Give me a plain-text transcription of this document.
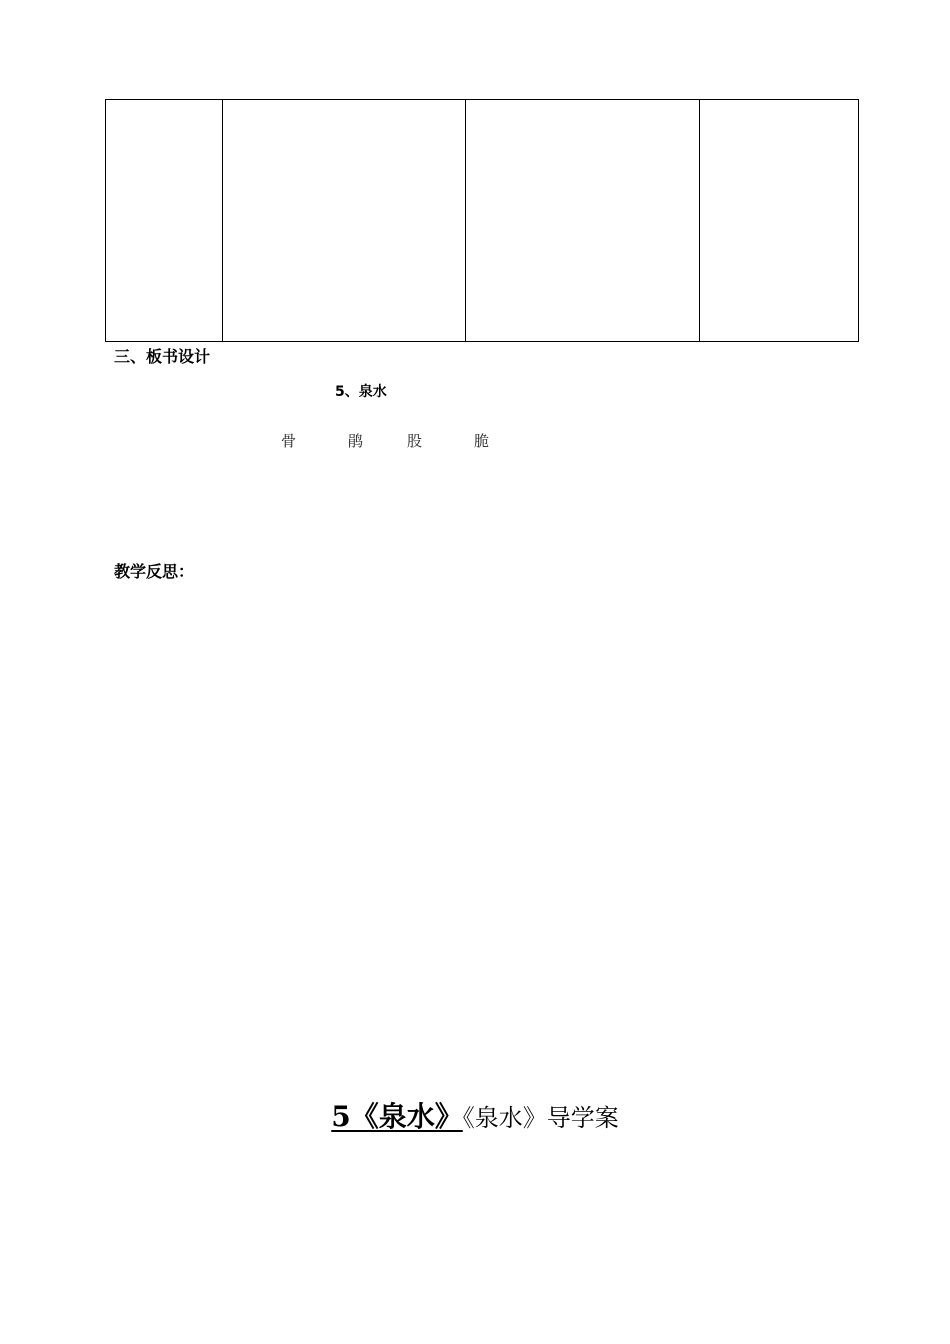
三、板书设计
5、泉水
骨	鹃	股	脆
教学反思：
5《泉水》《泉水》导学案
